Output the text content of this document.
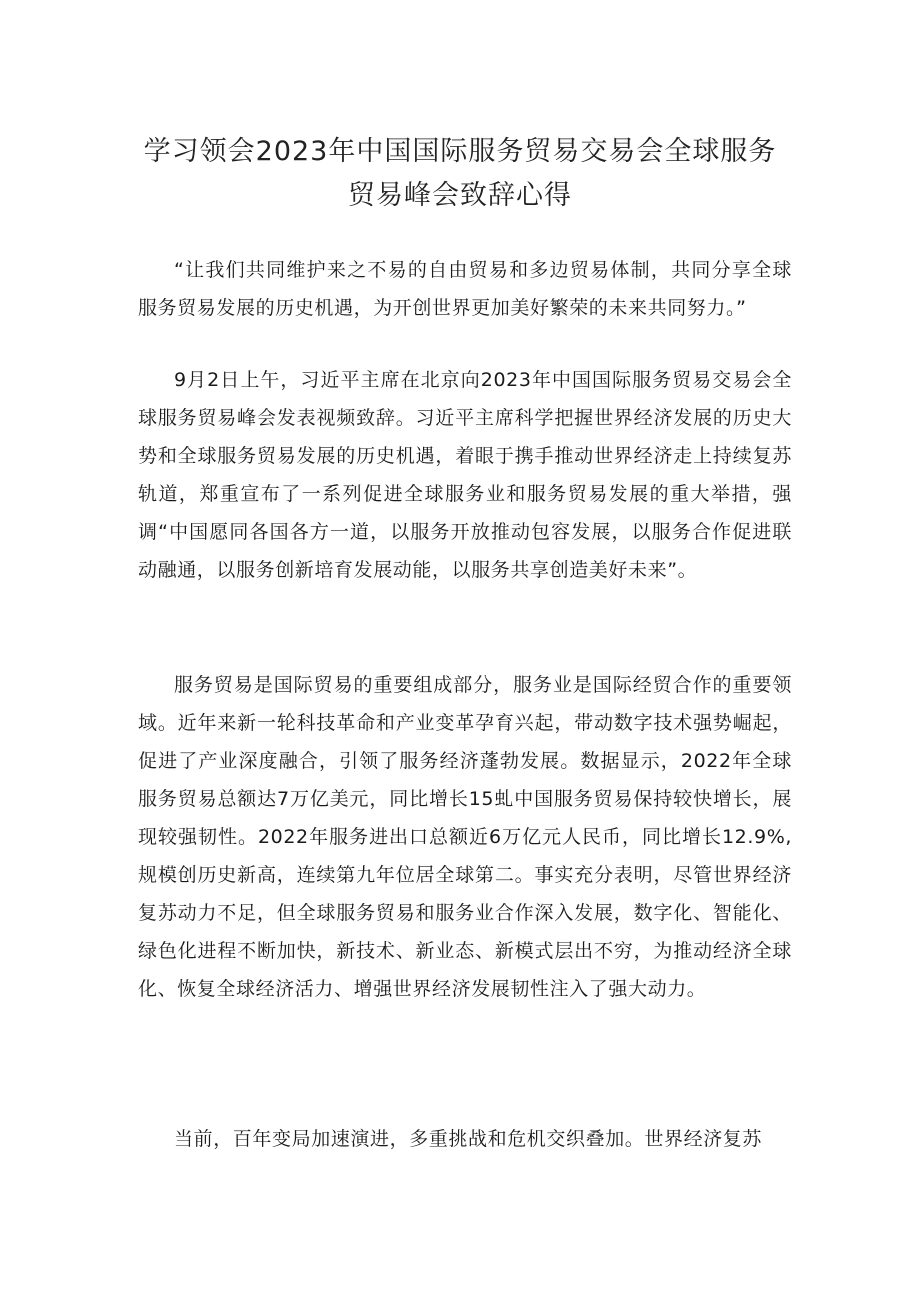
学习领会2023年中国国际服务贸易交易会全球服务
贸易峰会致辞心得

“让我们共同维护来之不易的自由贸易和多边贸易体制，共同分享全球服务贸易发展的历史机遇，为开创世界更加美好繁荣的未来共同努力。”

9月2日上午，习近平主席在北京向2023年中国国际服务贸易交易会全球服务贸易峰会发表视频致辞。习近平主席科学把握世界经济发展的历史大势和全球服务贸易发展的历史机遇，着眼于携手推动世界经济走上持续复苏轨道，郑重宣布了一系列促进全球服务业和服务贸易发展的重大举措，强调“中国愿同各国各方一道，以服务开放推动包容发展，以服务合作促进联动融通，以服务创新培育发展动能，以服务共享创造美好未来”。

服务贸易是国际贸易的重要组成部分，服务业是国际经贸合作的重要领域。近年来新一轮科技革命和产业变革孕育兴起，带动数字技术强势崛起，促进了产业深度融合，引领了服务经济蓬勃发展。数据显示，2022年全球服务贸易总额达7万亿美元，同比增长15虬中国服务贸易保持较快增长，展现较强韧性。2022年服务进出口总额近6万亿元人民币，同比增长12.9%,规模创历史新高，连续第九年位居全球第二。事实充分表明，尽管世界经济复苏动力不足，但全球服务贸易和服务业合作深入发展，数字化、智能化、绿色化进程不断加快，新技术、新业态、新模式层出不穷，为推动经济全球化、恢复全球经济活力、增强世界经济发展韧性注入了强大动力。

当前，百年变局加速演进，多重挑战和危机交织叠加。世界经济复苏
